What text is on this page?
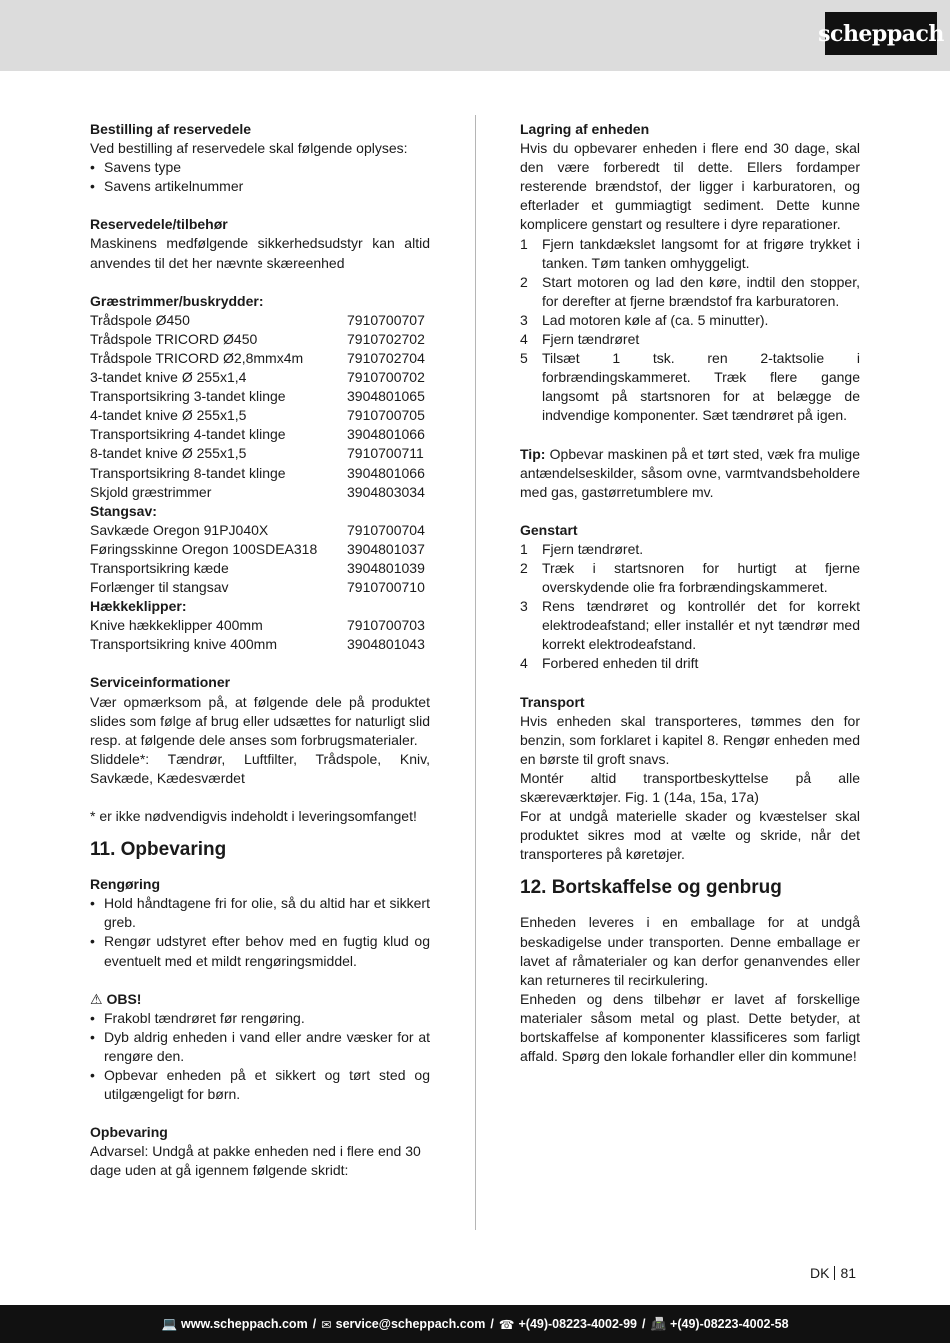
scheppach
Bestilling af reservedele
Ved bestilling af reservedele skal følgende oplyses:
• Savens type
• Savens artikelnummer
Reservedele/tilbehør
Maskinens medfølgende sikkerhedsudstyr kan altid anvendes til det her nævnte skæreenhed
Græstrimmer/buskrydder:
Trådspole Ø450	7910700707
Trådspole TRICORD Ø450	7910702702
Trådspole TRICORD Ø2,8mmx4m	7910702704
3-tandet knive Ø 255x1,4	7910700702
Transportsikring 3-tandet klinge	3904801065
4-tandet knive Ø 255x1,5	7910700705
Transportsikring 4-tandet klinge	3904801066
8-tandet knive Ø 255x1,5	7910700711
Transportsikring 8-tandet klinge	3904801066
Skjold græstrimmer	3904803034
Stangsav:
Savkæde Oregon 91PJ040X	7910700704
Føringsskinne Oregon 100SDEA318	3904801037
Transportsikring kæde	3904801039
Forlænger til stangsav	7910700710
Hækkeklipper:
Knive hækkeklipper 400mm	7910700703
Transportsikring knive 400mm	3904801043
Serviceinformationer
Vær opmærksom på, at følgende dele på produktet slides som følge af brug eller udsættes for naturligt slid resp. at følgende dele anses som forbrugsmaterialer.
Sliddele*: Tændrør, Luftfilter, Trådspole, Kniv, Savkæde, Kædesværdet
* er ikke nødvendigvis indeholdt i leveringsomfanget!
11. Opbevaring
Rengøring
• Hold håndtagene fri for olie, så du altid har et sikkert greb.
• Rengør udstyret efter behov med en fugtig klud og eventuelt med et mildt rengøringsmiddel.
⚠ OBS!
• Frakobl tændrøret før rengøring.
• Dyb aldrig enheden i vand eller andre væsker for at rengøre den.
• Opbevar enheden på et sikkert og tørt sted og utilgængeligt for børn.
Opbevaring
Advarsel: Undgå at pakke enheden ned i flere end 30 dage uden at gå igennem følgende skridt:
Lagring af enheden
Hvis du opbevarer enheden i flere end 30 dage, skal den være forberedt til dette. Ellers fordamper resterende brændstof, der ligger i karburatoren, og efterlader et gummiagtigt sediment. Dette kunne komplicere genstart og resultere i dyre reparationer.
1 Fjern tankdækslet langsomt for at frigøre trykket i tanken. Tøm tanken omhyggeligt.
2 Start motoren og lad den køre, indtil den stopper, for derefter at fjerne brændstof fra karburatoren.
3 Lad motoren køle af (ca. 5 minutter).
4 Fjern tændrøret
5 Tilsæt 1 tsk. ren 2-taktsolie i forbrændingskammeret. Træk flere gange langsomt på startsnoren for at belægge de indvendige komponenter. Sæt tændrøret på igen.
Tip: Opbevar maskinen på et tørt sted, væk fra mulige antændelseskilder, såsom ovne, varmtvandsbeholdere med gas, gastørretumblere mv.
Genstart
1 Fjern tændrøret.
2 Træk i startsnoren for hurtigt at fjerne overskydende olie fra forbrændingskammeret.
3 Rens tændrøret og kontrollér det for korrekt elektrodeafstand; eller installér et nyt tændrør med korrekt elektrodeafstand.
4 Forbered enheden til drift
Transport
Hvis enheden skal transporteres, tømmes den for benzin, som forklaret i kapitel 8. Rengør enheden med en børste til groft snavs.
Montér altid transportbeskyttelse på alle skæreværktøjer. Fig. 1 (14a, 15a, 17a)
For at undgå materielle skader og kvæstelser skal produktet sikres mod at vælte og skride, når det transporteres på køretøjer.
12. Bortskaffelse og genbrug
Enheden leveres i en emballage for at undgå beskadigelse under transporten. Denne emballage er lavet af råmaterialer og kan derfor genanvendes eller kan returneres til recirkulering.
Enheden og dens tilbehør er lavet af forskellige materialer såsom metal og plast. Dette betyder, at bortskaffelse af komponenter klassificeres som farligt affald. Spørg den lokale forhandler eller din kommune!
DK 81
💻 www.scheppach.com / ✉ service@scheppach.com / ☎ +(49)-08223-4002-99 / 📠 +(49)-08223-4002-58
